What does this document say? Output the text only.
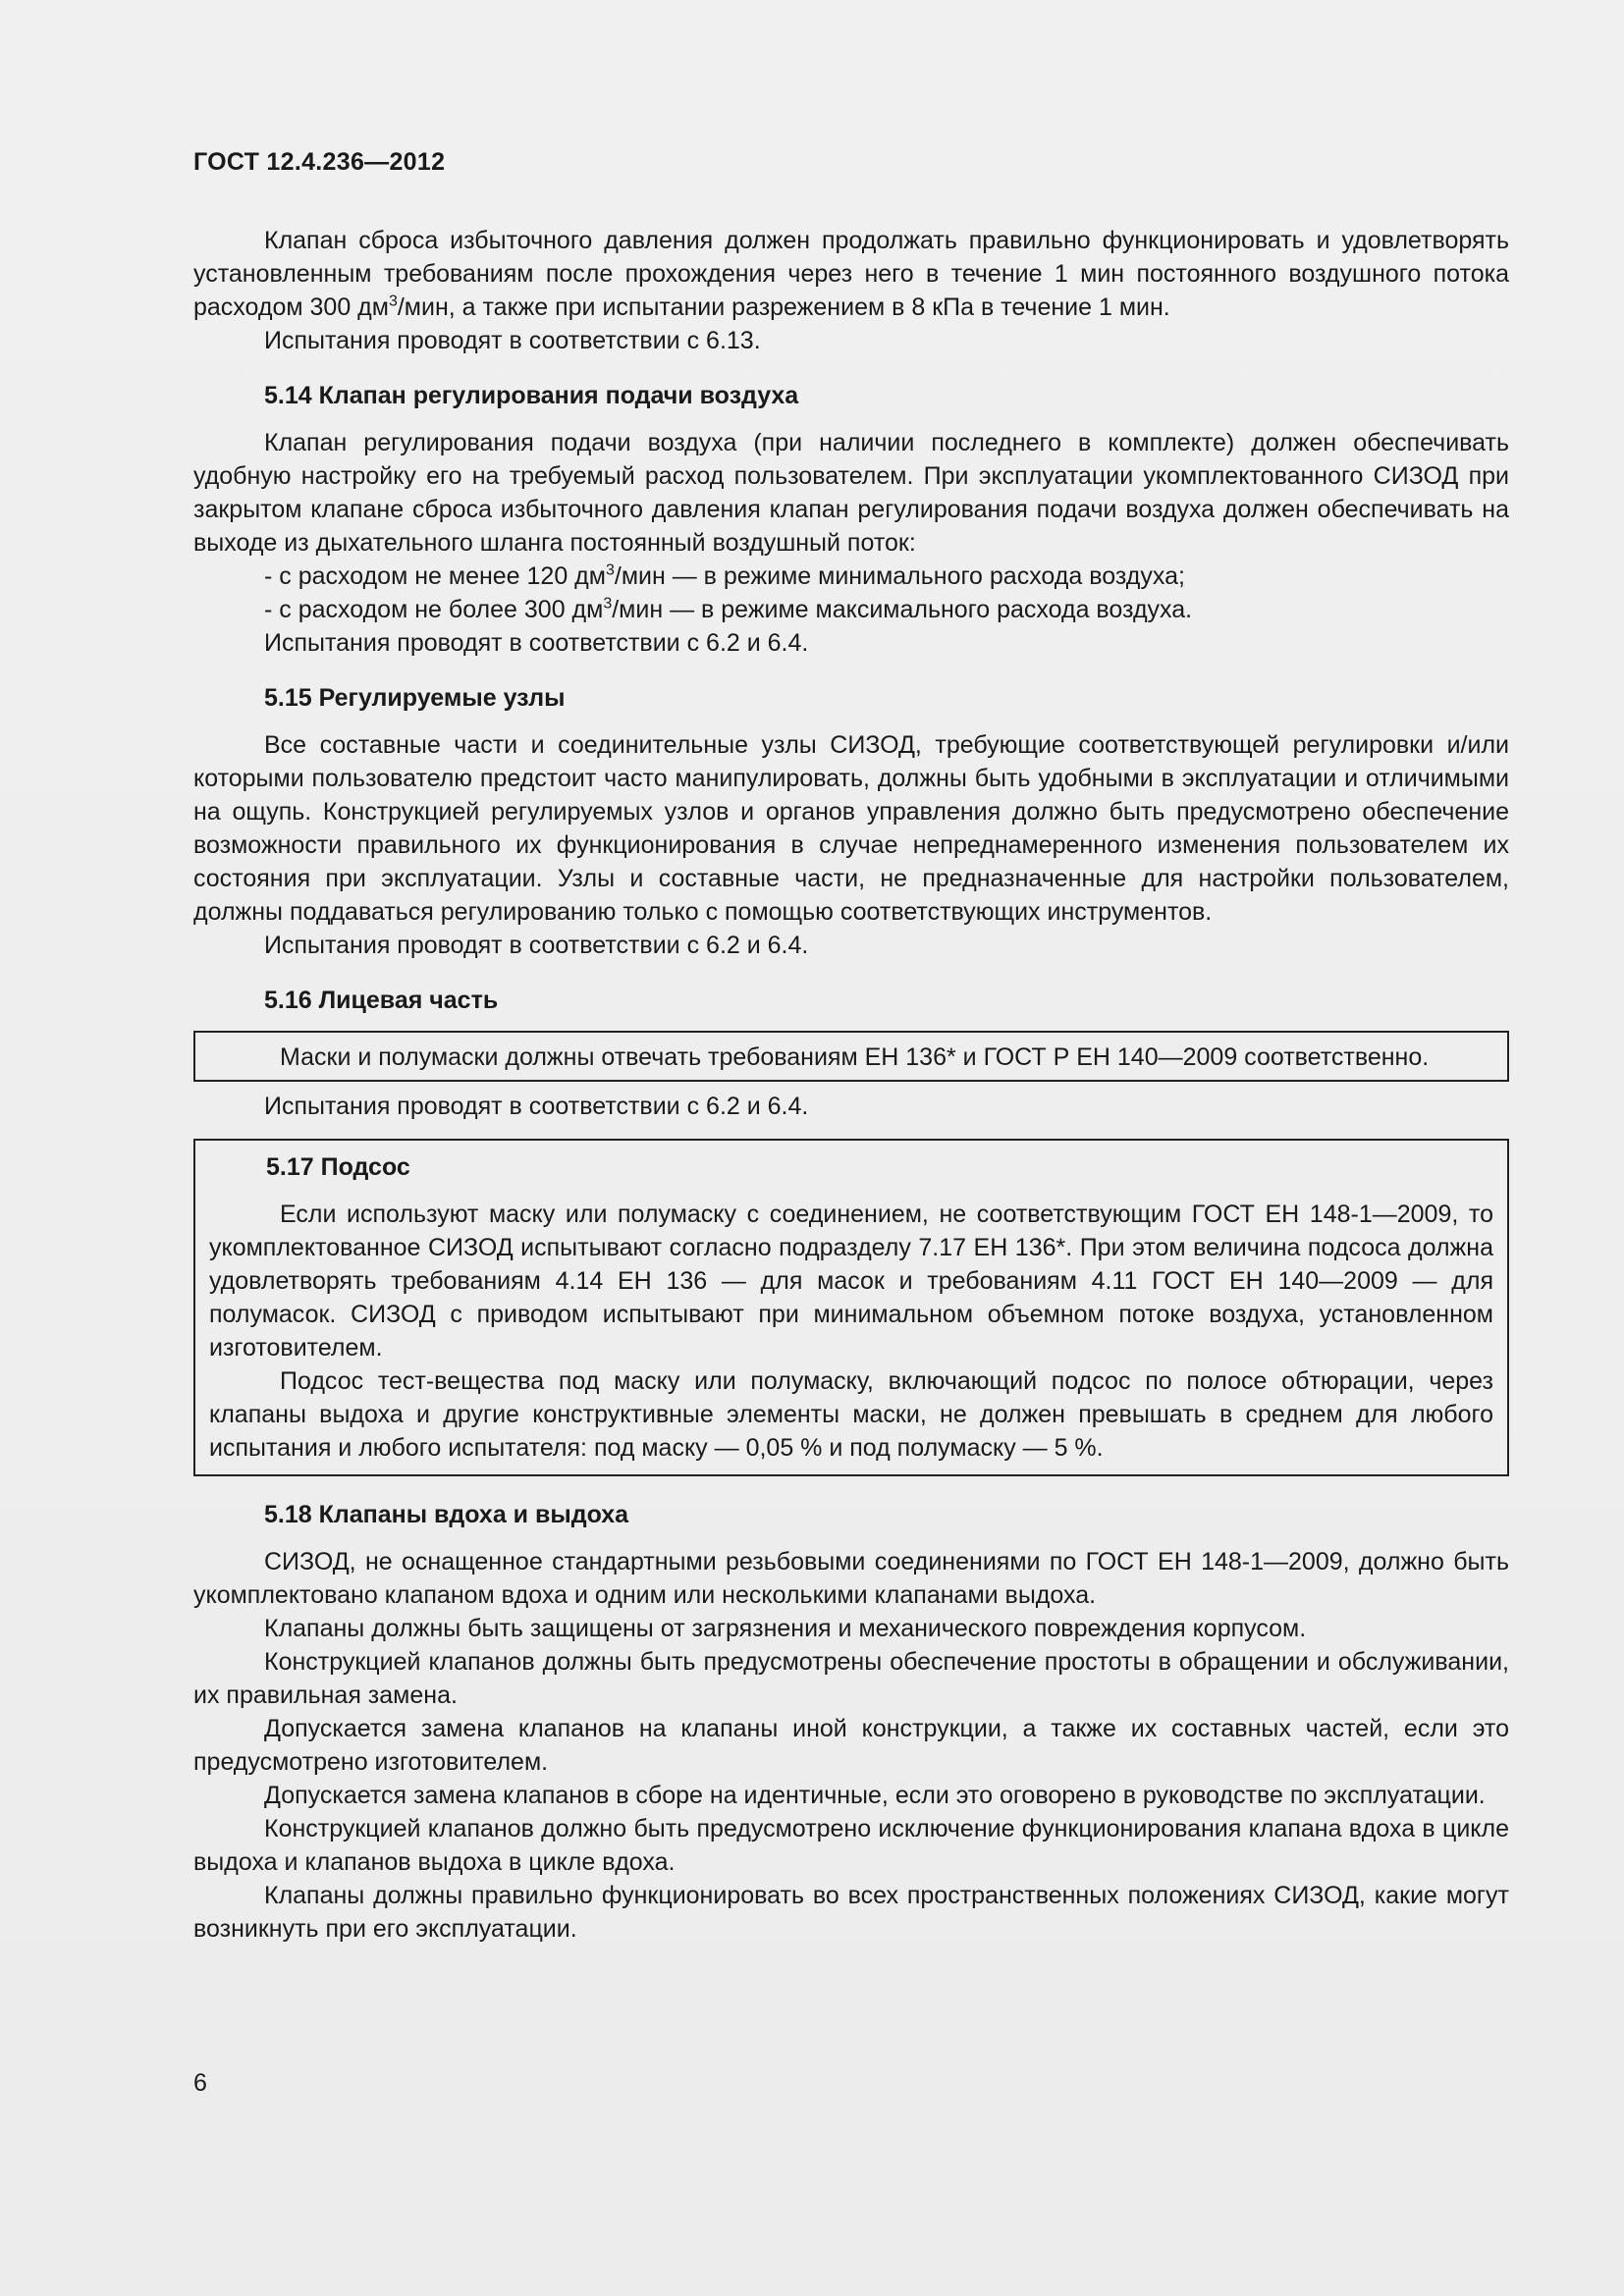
ГОСТ 12.4.236—2012

Клапан сброса избыточного давления должен продолжать правильно функционировать и удовлетворять установленным требованиям после прохождения через него в течение 1 мин постоянного воздушного потока расходом 300 $дм^3$/мин, а также при испытании разрежением в 8 кПа в течение 1 мин.

Испытания проводят в соответствии с 6.13.

5.14 Клапан регулирования подачи воздуха

Клапан регулирования подачи воздуха (при наличии последнего в комплекте) должен обеспечивать удобную настройку его на требуемый расход пользователем. При эксплуатации укомплектованного СИЗОД при закрытом клапане сброса избыточного давления клапан регулирования подачи воздуха должен обеспечивать на выходе из дыхательного шланга постоянный воздушный поток:

- с расходом не менее 120 $дм^3$/мин — в режиме минимального расхода воздуха;

- с расходом не более 300 $дм^3$/мин — в режиме максимального расхода воздуха.

Испытания проводят в соответствии с 6.2 и 6.4.

5.15 Регулируемые узлы

Все составные части и соединительные узлы СИЗОД, требующие соответствующей регулировки и/или которыми пользователю предстоит часто манипулировать, должны быть удобными в эксплуатации и отличимыми на ощупь. Конструкцией регулируемых узлов и органов управления должно быть предусмотрено обеспечение возможности правильного их функционирования в случае непреднамеренного изменения пользователем их состояния при эксплуатации. Узлы и составные части, не предназначенные для настройки пользователем, должны поддаваться регулированию только с помощью соответствующих инструментов.

Испытания проводят в соответствии с 6.2 и 6.4.

5.16 Лицевая часть

Маски и полумаски должны отвечать требованиям ЕН 136* и ГОСТ Р ЕН 140—2009 соответственно.

Испытания проводят в соответствии с 6.2 и 6.4.

5.17 Подсос

Если используют маску или полумаску с соединением, не соответствующим ГОСТ ЕН 148-1—2009, то укомплектованное СИЗОД испытывают согласно подразделу 7.17 ЕН 136*. При этом величина подсоса должна удовлетворять требованиям 4.14 ЕН 136 — для масок и требованиям 4.11 ГОСТ ЕН 140—2009 — для полумасок. СИЗОД с приводом испытывают при минимальном объемном потоке воздуха, установленном изготовителем.

Подсос тест-вещества под маску или полумаску, включающий подсос по полосе обтюрации, через клапаны выдоха и другие конструктивные элементы маски, не должен превышать в среднем для любого испытания и любого испытателя: под маску — 0,05 % и под полумаску — 5 %.

5.18 Клапаны вдоха и выдоха

СИЗОД, не оснащенное стандартными резьбовыми соединениями по ГОСТ ЕН 148-1—2009, должно быть укомплектовано клапаном вдоха и одним или несколькими клапанами выдоха.

Клапаны должны быть защищены от загрязнения и механического повреждения корпусом.

Конструкцией клапанов должны быть предусмотрены обеспечение простоты в обращении и обслуживании, их правильная замена.

Допускается замена клапанов на клапаны иной конструкции, а также их составных частей, если это предусмотрено изготовителем.

Допускается замена клапанов в сборе на идентичные, если это оговорено в руководстве по эксплуатации.

Конструкцией клапанов должно быть предусмотрено исключение функционирования клапана вдоха в цикле выдоха и клапанов выдоха в цикле вдоха.

Клапаны должны правильно функционировать во всех пространственных положениях СИЗОД, какие могут возникнуть при его эксплуатации.

6
